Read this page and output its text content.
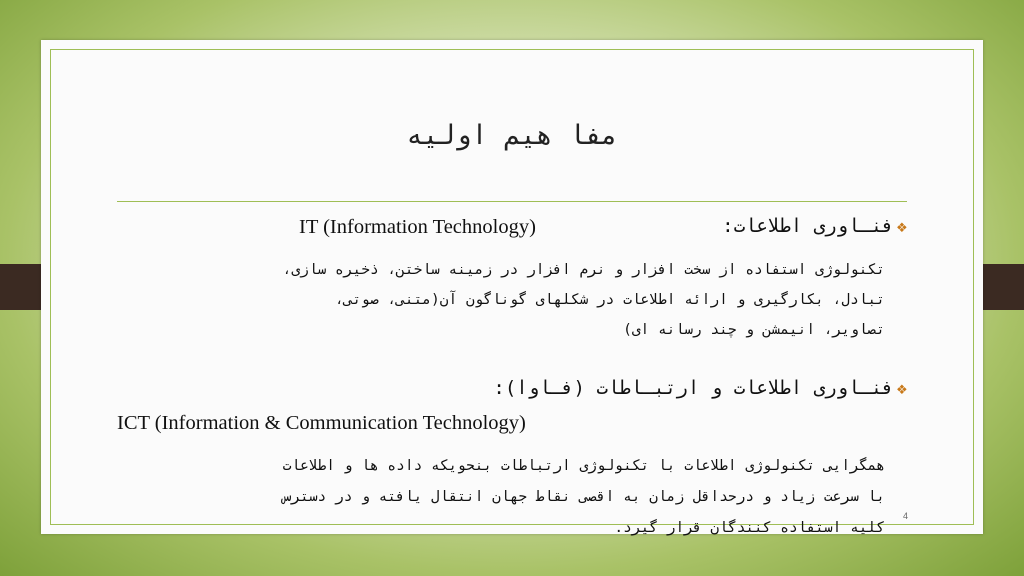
مفا هیم اولیه
❖فنـاوری اطلاعات:
IT (Information Technology)
تکنولوژی استفاده از سخت افزار و نرم افزار در زمینه ساختن، ذخیره سازی،
تبادل، بکارگیری و ارائه اطلاعات در شکلهای گوناگون آن(متنی، صوتی،
تصاویر، انیمشن و چند رسانه ای)
❖فنـاوری اطلاعات و ارتبـاطات (فـاوا):
ICT (Information & Communication Technology)
همگرایی تکنولوژی اطلاعات با تکنولوژی ارتباطات بنحویکه داده ها و اطلاعات
با سرعت زیاد و درحداقل زمان به اقصی نقاط جهان انتقال یافته و در دسترس
کلیه استفاده کنندگان قرار گیرد.
4
